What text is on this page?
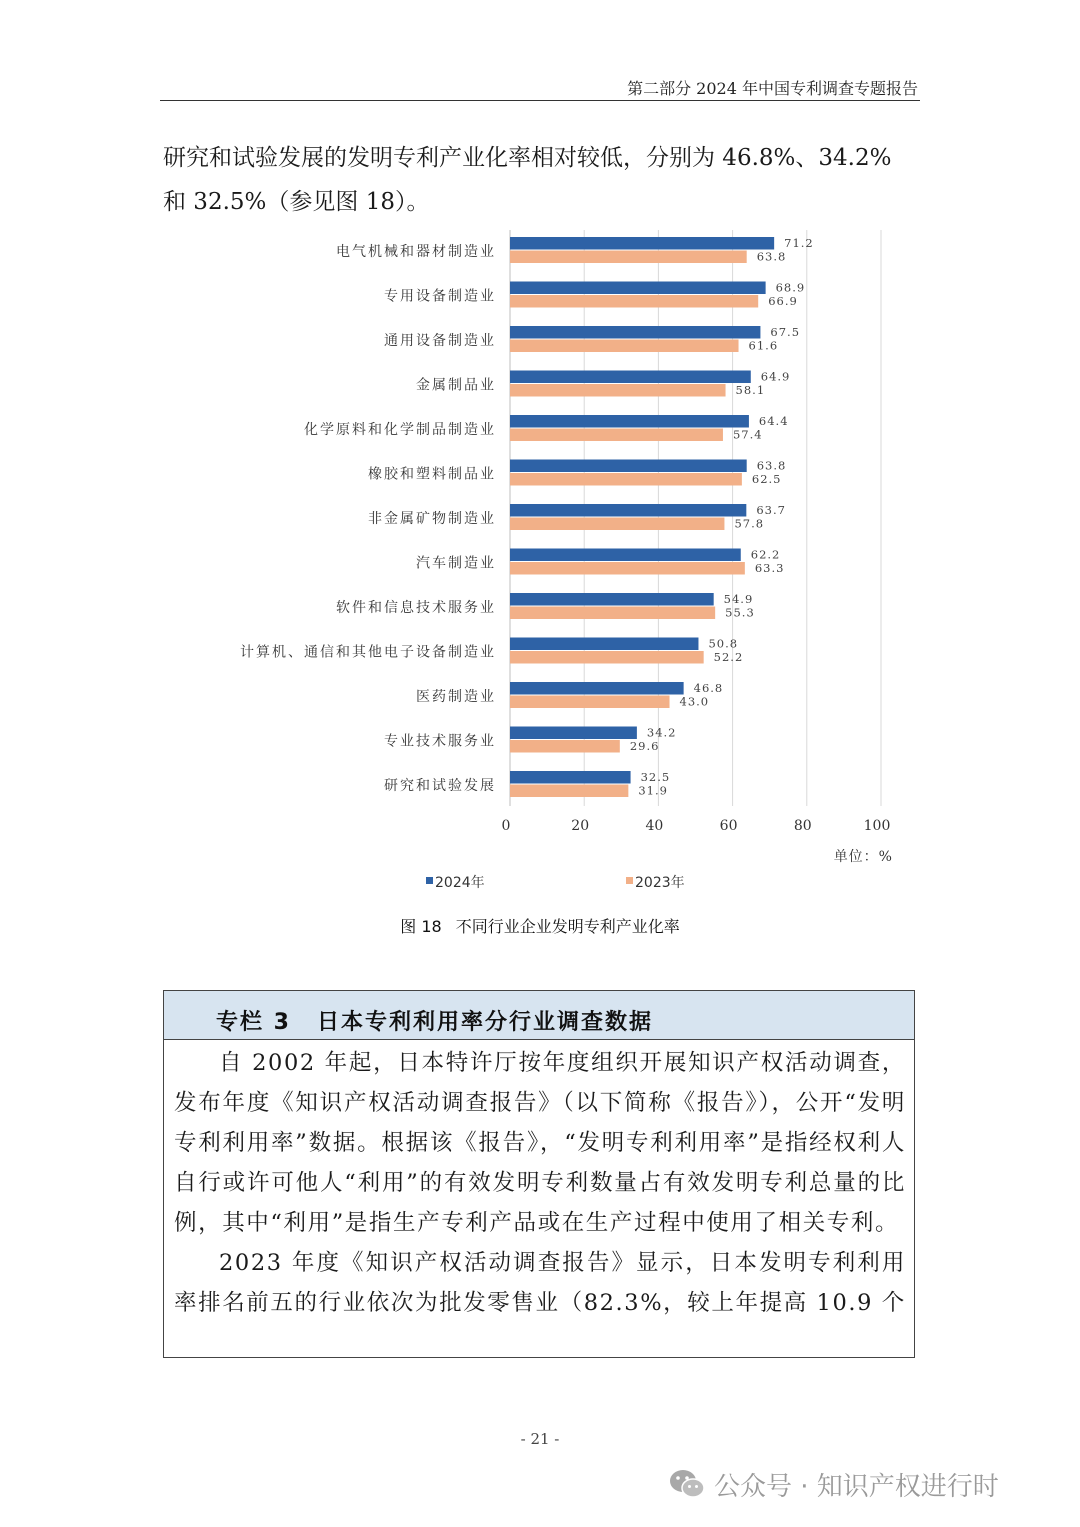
第二部分 2024 年中国专利调查专题报告

研究和试验发展的发明专利产业化率相对较低，分别为 46.8%、34.2%

和 32.5%（参见图 18）。

0	20	40	60	80	100
电气机械和器材制造业
71.2
63.8
专用设备制造业
68.9
66.9
通用设备制造业
67.5
61.6
金属制品业
64.9
58.1
化学原料和化学制品制造业
64.4
57.4
橡胶和塑料制品业
63.8
62.5
非金属矿物制造业
63.7
57.8
汽车制造业
62.2
63.3
软件和信息技术服务业
54.9
55.3
计算机、通信和其他电子设备制造业
50.8
52.2
医药制造业
46.8
43.0
专业技术服务业
34.2
29.6
研究和试验发展
32.5
31.9
单位：%
2024年	2023年
图 18 不同行业企业发明专利产业化率
专栏 3 日本专利利用率分行业调查数据

自 2002 年起，日本特许厅按年度组织开展知识产权活动调查，发布年度《知识产权活动调查报告》（以下简称《报告》），公开“发明专利利用率”数据。根据该《报告》，“发明专利利用率”是指经权利人自行或许可他人“利用”的有效发明专利数量占有效发明专利总量的比例，其中“利用”是指生产专利产品或在生产过程中使用了相关专利。

2023 年度《知识产权活动调查报告》显示，日本发明专利利用率排名前五的行业依次为批发零售业（82.3%，较上年提高 10.9 个

- 21 -
公众号 · 知识产权进行时
